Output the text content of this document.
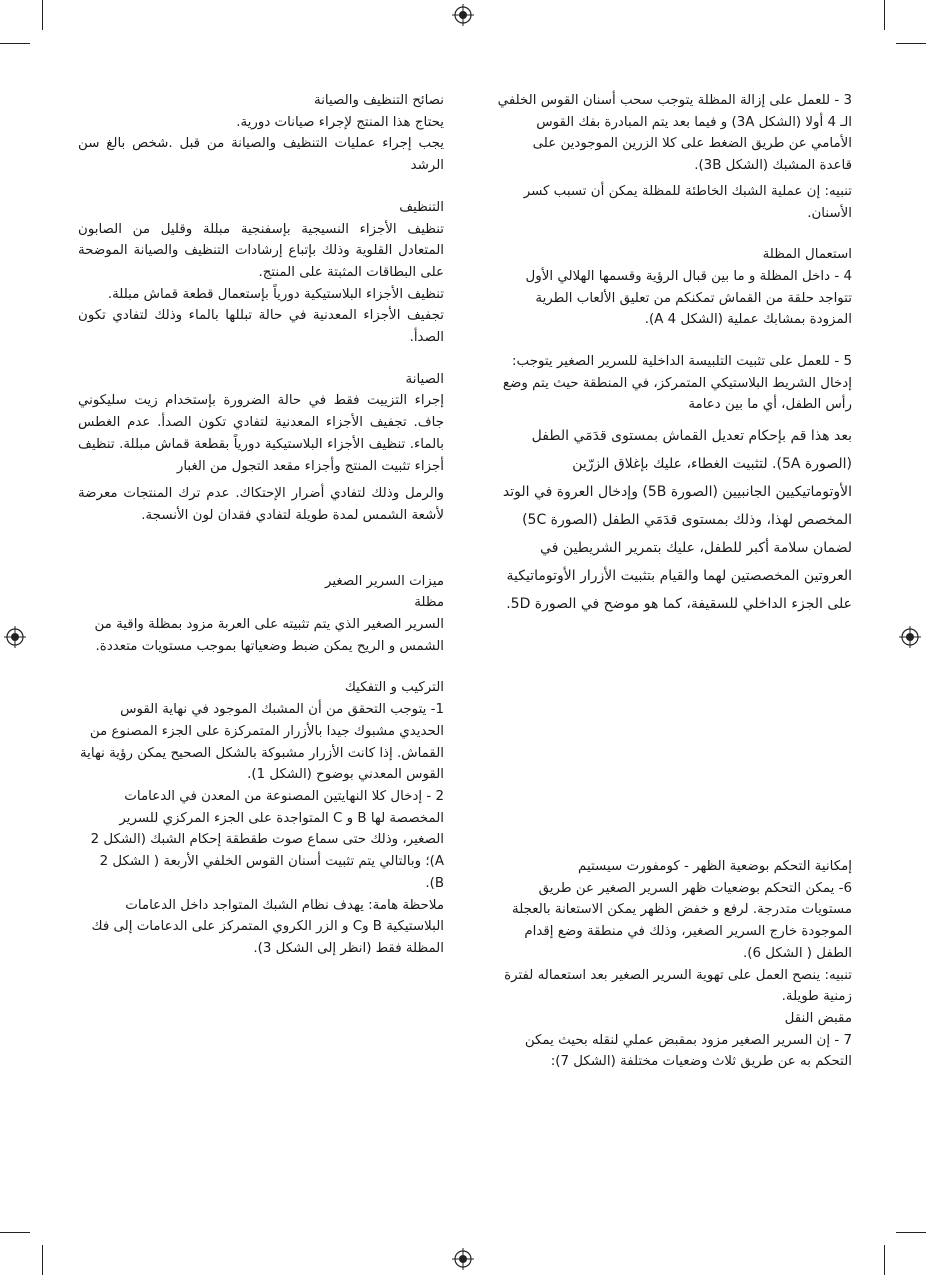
نصائح التنظيف والصيانة

يحتاج هذا المنتج لإجراء صيانات دورية.

يجب إجراء عمليات التنظيف والصيانة من قبل .شخص بالغ سن الرشد

التنظيف

تنظيف الأجزاء النسيجية بإسفنجية مبللة وقليل من الصابون المتعادل القلوية وذلك بإتباع إرشادات التنظيف والصيانة الموضحة على البطاقات المثبتة على المنتج.

تنظيف الأجزاء البلاستيكية دورياً بإستعمال قطعة قماش مبللة.

تجفيف الأجزاء المعدنية في حالة تبللها بالماء وذلك لتفادي تكون الصدأ.

الصيانة

إجراء التزييت فقط في حالة الضرورة بإستخدام زيت سليكوني جاف. تجفيف الأجزاء المعدنية لتفادي تكون الصدأ. عدم الغطس بالماء. تنظيف الأجزاء البلاستيكية دورياً بقطعة قماش مبللة. تنظيف أجزاء تثبيت المنتج وأجزاء مقعد التجول من الغبار

والرمل وذلك لتفادي أضرار الإحتكاك. عدم ترك المنتجات معرضة لأشعة الشمس لمدة طويلة لتفادي فقدان لون الأنسجة.

ميزات السرير الصغير

مظلة

السرير الصغير الذي يتم تثبيته على العربة مزود بمظلة واقية من الشمس و الريح يمكن ضبط وضعياتها بموجب مستويات متعددة.

التركيب و التفكيك

1- يتوجب التحقق من أن المشبك الموجود في نهاية القوس الحديدي مشبوك جيدا بالأزرار المتمركزة على الجزء المصنوع من القماش. إذا كانت الأزرار مشبوكة بالشكل الصحيح يمكن رؤية نهاية القوس المعدني بوضوح (الشكل 1).

2 - إدخال كلا النهايتين المصنوعة من المعدن في الدعامات المخصصة لها B و C المتواجدة على الجزء المركزي للسرير الصغير، وذلك حتى سماع صوت طقطقة إحكام الشبك (الشكل 2 A)؛ وبالتالي يتم تثبيت أسنان القوس الخلفي الأربعة ( الشكل 2 B).

ملاحظة هامة: يهدف نظام الشبك المتواجد داخل الدعامات البلاستيكية B وC و الزر الكروي المتمركز على الدعامات إلى فك المظلة فقط (انظر إلى الشكل 3).

3 - للعمل على إزالة المظلة يتوجب سحب أسنان القوس الخلفي الـ 4 أولا (الشكل 3A) و فيما بعد يتم المبادرة بفك القوس الأمامي عن طريق الضغط على كلا الزرين الموجودين على قاعدة المشبك (الشكل 3B).

تنبيه: إن عملية الشبك الخاطئة للمظلة يمكن أن تسبب كسر الأسنان.

استعمال المظلة

4 - داخل المظلة و ما بين قبال الرؤية وقسمها الهلالي الأول تتواجد حلقة من القماش تمكنكم من تعليق الألعاب الطرية المزودة بمشابك عملية (الشكل 4 A).

5 - للعمل على تثبيت التلبيسة الداخلية للسرير الصغير يتوجب: إدخال الشريط البلاستيكي المتمركز، في المنطقة حيث يتم وضع رأس الطفل، أي ما بين دعامة

بعد هذا قم بإحكام تعديل القماش بمستوى قدَمَي الطفل (الصورة 5A). لتثبيت الغطاء، عليك بإغلاق الزرّين الأوتوماتيكيين الجانبيين (الصورة 5B) وإدخال العروة في الوتد المخصص لهذا، وذلك بمستوى قدَمَي الطفل (الصورة 5C)

لضمان سلامة أكبر للطفل، عليك بتمرير الشريطين في العروتين المخصصتين لهما والقيام بتثبيت الأزرار الأوتوماتيكية على الجزء الداخلي للسقيفة، كما هو موضح في الصورة 5D.

إمكانية التحكم بوضعية الظهر - كومفورت سيستيم

6- يمكن التحكم بوضعيات ظهر السرير الصغير عن طريق مستويات متدرجة. لرفع و خفض الظهر يمكن الاستعانة بالعجلة الموجودة خارج السرير الصغير، وذلك في منطقة وضع إقدام الطفل ( الشكل 6).

تنبيه: ينصح العمل على تهوية السرير الصغير بعد استعماله لفترة زمنية طويلة.

مقبض النقل

7 - إن السرير الصغير مزود بمقبض عملي لنقله بحيث يمكن التحكم به عن طريق ثلاث وضعيات مختلفة (الشكل 7):
